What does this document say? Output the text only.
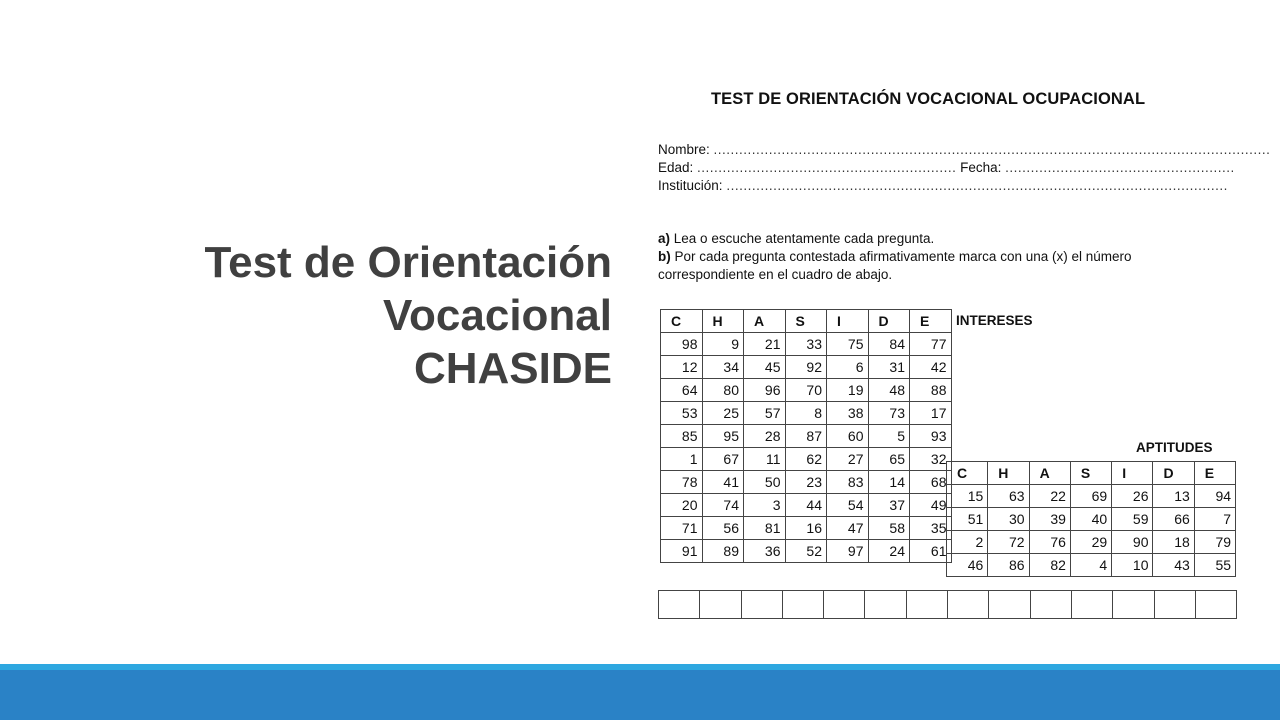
Test de Orientación
Vocacional
CHASIDE
TEST DE ORIENTACIÓN VOCACIONAL OCUPACIONAL
Nombre: ...................................................................................................................................
Edad: ............................................................. Fecha: ......................................................
Institución: ......................................................................................................................
a) Lea o escuche atentamente cada pregunta.
b) Por cada pregunta contestada afirmativamente marca con una (x) el número
correspondiente en el cuadro de abajo.
INTERESES
APTITUDES
C	H	A	S	I	D	E
98	9	21	33	75	84	77
12	34	45	92	6	31	42
64	80	96	70	19	48	88
53	25	57	8	38	73	17
85	95	28	87	60	5	93
1	67	11	62	27	65	32
78	41	50	23	83	14	68
20	74	3	44	54	37	49
71	56	81	16	47	58	35
91	89	36	52	97	24	61
C	H	A	S	I	D	E
15	63	22	69	26	13	94
51	30	39	40	59	66	7
2	72	76	29	90	18	79
46	86	82	4	10	43	55
